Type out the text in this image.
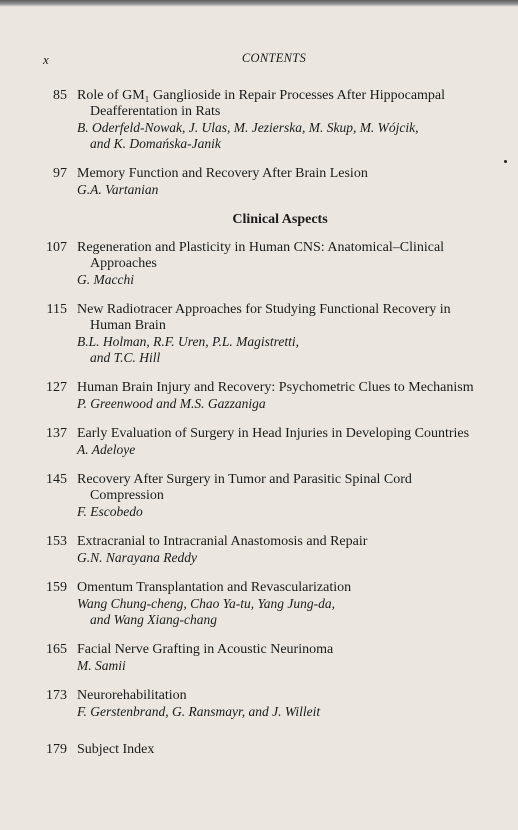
x	CONTENTS
85 Role of GM₁ Ganglioside in Repair Processes After Hippocampal
Deafferentation in Rats
B. Oderfeld-Nowak, J. Ulas, M. Jezierska, M. Skup, M. Wójcik,
and K. Domańska-Janik
97 Memory Function and Recovery After Brain Lesion
G.A. Vartanian
Clinical Aspects
107 Regeneration and Plasticity in Human CNS: Anatomical–Clinical
Approaches
G. Macchi
115 New Radiotracer Approaches for Studying Functional Recovery in
Human Brain
B.L. Holman, R.F. Uren, P.L. Magistretti,
and T.C. Hill
127 Human Brain Injury and Recovery: Psychometric Clues to Mechanism
P. Greenwood and M.S. Gazzaniga
137 Early Evaluation of Surgery in Head Injuries in Developing Countries
A. Adeloye
145 Recovery After Surgery in Tumor and Parasitic Spinal Cord Compression
F. Escobedo
153 Extracranial to Intracranial Anastomosis and Repair
G.N. Narayana Reddy
159 Omentum Transplantation and Revascularization
Wang Chung-cheng, Chao Ya-tu, Yang Jung-da,
and Wang Xiang-chang
165 Facial Nerve Grafting in Acoustic Neurinoma
M. Samii
173 Neurorehabilitation
F. Gerstenbrand, G. Ransmayr, and J. Willeit
179 Subject Index
